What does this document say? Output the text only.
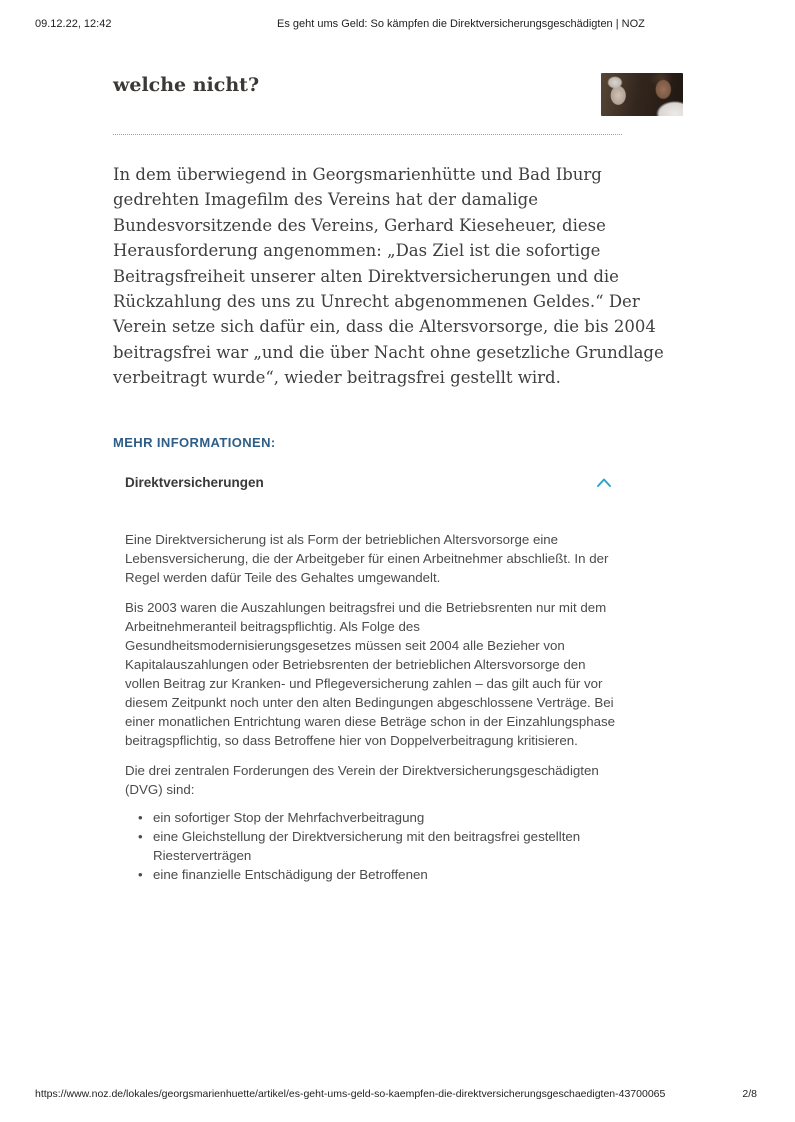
09.12.22, 12:42	Es geht ums Geld: So kämpfen die Direktversicherungsgeschädigten | NOZ
welche nicht?

In dem überwiegend in Georgsmarienhütte und Bad Iburg gedrehten Imagefilm des Vereins hat der damalige Bundesvorsitzende des Vereins, Gerhard Kieseheuer, diese Herausforderung angenommen: „Das Ziel ist die sofortige Beitragsfreiheit unserer alten Direktversicherungen und die Rückzahlung des uns zu Unrecht abgenommenen Geldes.“ Der Verein setze sich dafür ein, dass die Altersvorsorge, die bis 2004 beitragsfrei war „und die über Nacht ohne gesetzliche Grundlage verbeitragt wurde“, wieder beitragsfrei gestellt wird.

MEHR INFORMATIONEN:
Direktversicherungen

Eine Direktversicherung ist als Form der betrieblichen Altersvorsorge eine Lebensversicherung, die der Arbeitgeber für einen Arbeitnehmer abschließt. In der Regel werden dafür Teile des Gehaltes umgewandelt.

Bis 2003 waren die Auszahlungen beitragsfrei und die Betriebsrenten nur mit dem Arbeitnehmeranteil beitragspflichtig. Als Folge des Gesundheitsmodernisierungsgesetzes müssen seit 2004 alle Bezieher von Kapitalauszahlungen oder Betriebsrenten der betrieblichen Altersvorsorge den vollen Beitrag zur Kranken- und Pflegeversicherung zahlen – das gilt auch für vor diesem Zeitpunkt noch unter den alten Bedingungen abgeschlossene Verträge. Bei einer monatlichen Entrichtung waren diese Beträge schon in der Einzahlungsphase beitragspflichtig, so dass Betroffene hier von Doppelverbeitragung kritisieren.

Die drei zentralen Forderungen des Verein der Direktversicherungsgeschädigten (DVG) sind:

• ein sofortiger Stop der Mehrfachverbeitragung
• eine Gleichstellung der Direktversicherung mit den beitragsfrei gestellten Riesterverträgen
• eine finanzielle Entschädigung der Betroffenen
https://www.noz.de/lokales/georgsmarienhuette/artikel/es-geht-ums-geld-so-kaempfen-die-direktversicherungsgeschaedigten-43700065	2/8
